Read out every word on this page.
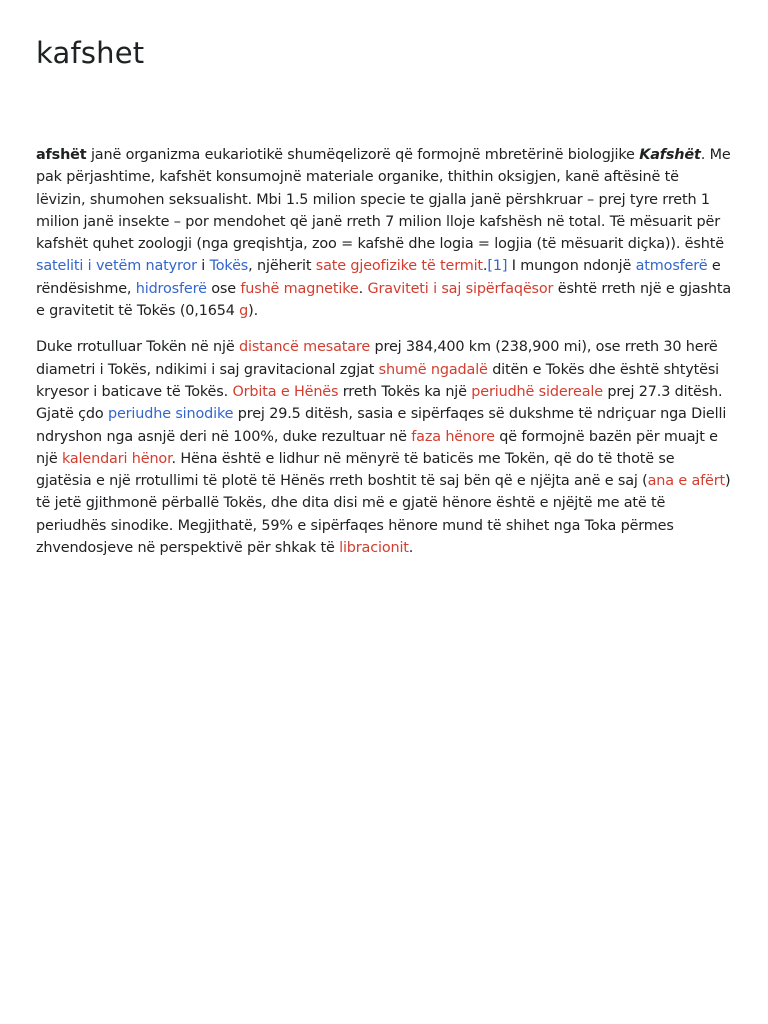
kafshet

afshët janë organizma eukariotikë shumëqelizorë që formojnë mbretërinë biologjike Kafshët. Me pak përjashtime, kafshët konsumojnë materiale organike, thithin oksigjen, kanë aftësinë të lëvizin, shumohen seksualisht. Mbi 1.5 milion specie te gjalla janë përshkruar – prej tyre rreth 1 milion janë insekte – por mendohet që janë rreth 7 milion lloje kafshësh në total. Të mësuarit për kafshët quhet zoologji (nga greqishtja, zoo = kafshë dhe logia = logjia (të mësuarit diçka)). është sateliti i vetëm natyror i Tokës, njëherit sate gjeofizike të termit.[1] I mungon ndonjë atmosferë e rëndësishme, hidrosferë ose fushë magnetike. Graviteti i saj sipërfaqësor është rreth një e gjashta e gravitetit të Tokës (0,1654 g).

Duke rrotulluar Tokën në një distancë mesatare prej 384,400 km (238,900 mi), ose rreth 30 herë diametri i Tokës, ndikimi i saj gravitacional zgjat shumë ngadalë ditën e Tokës dhe është shtytësi kryesor i baticave të Tokës. Orbita e Hënës rreth Tokës ka një periudhë sidereale prej 27.3 ditësh. Gjatë çdo periudhe sinodike prej 29.5 ditësh, sasia e sipërfaqes së dukshme të ndriçuar nga Dielli ndryshon nga asnjë deri në 100%, duke rezultuar në faza hënore që formojnë bazën për muajt e një kalendari hënor. Hëna është e lidhur në mënyrë të baticës me Tokën, që do të thotë se gjatësia e një rrotullimi të plotë të Hënës rreth boshtit të saj bën që e njëjta anë e saj (ana e afërt) të jetë gjithmonë përballë Tokës, dhe dita disi më e gjatë hënore është e njëjtë me atë të periudhës sinodike. Megjithatë, 59% e sipërfaqes hënore mund të shihet nga Toka përmes zhvendosjeve në perspektivë për shkak të libracionit.
